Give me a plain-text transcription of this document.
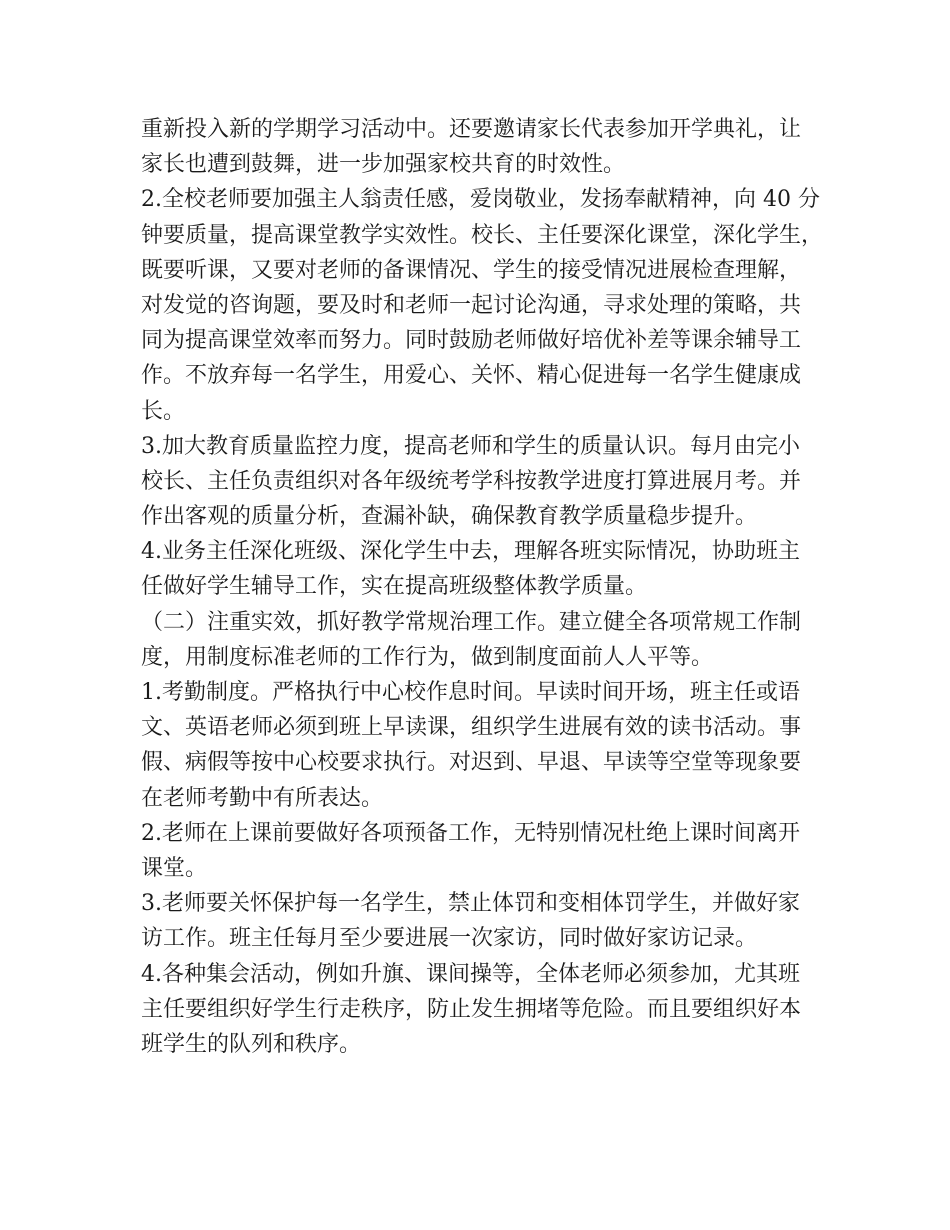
重新投入新的学期学习活动中。还要邀请家长代表参加开学典礼，让
家长也遭到鼓舞，进一步加强家校共育的时效性。
2.全校老师要加强主人翁责任感，爱岗敬业，发扬奉献精神，向 40 分
钟要质量，提高课堂教学实效性。校长、主任要深化课堂，深化学生，
既要听课，又要对老师的备课情况、学生的接受情况进展检查理解，
对发觉的咨询题，要及时和老师一起讨论沟通，寻求处理的策略，共
同为提高课堂效率而努力。同时鼓励老师做好培优补差等课余辅导工
作。不放弃每一名学生，用爱心、关怀、精心促进每一名学生健康成
长。
3.加大教育质量监控力度，提高老师和学生的质量认识。每月由完小
校长、主任负责组织对各年级统考学科按教学进度打算进展月考。并
作出客观的质量分析，查漏补缺，确保教育教学质量稳步提升。
4.业务主任深化班级、深化学生中去，理解各班实际情况，协助班主
任做好学生辅导工作，实在提高班级整体教学质量。
（二）注重实效，抓好教学常规治理工作。建立健全各项常规工作制
度，用制度标准老师的工作行为，做到制度面前人人平等。
1.考勤制度。严格执行中心校作息时间。早读时间开场，班主任或语
文、英语老师必须到班上早读课，组织学生进展有效的读书活动。事
假、病假等按中心校要求执行。对迟到、早退、早读等空堂等现象要
在老师考勤中有所表达。
2.老师在上课前要做好各项预备工作，无特别情况杜绝上课时间离开
课堂。
3.老师要关怀保护每一名学生，禁止体罚和变相体罚学生，并做好家
访工作。班主任每月至少要进展一次家访，同时做好家访记录。
4.各种集会活动，例如升旗、课间操等，全体老师必须参加，尤其班
主任要组织好学生行走秩序，防止发生拥堵等危险。而且要组织好本
班学生的队列和秩序。
